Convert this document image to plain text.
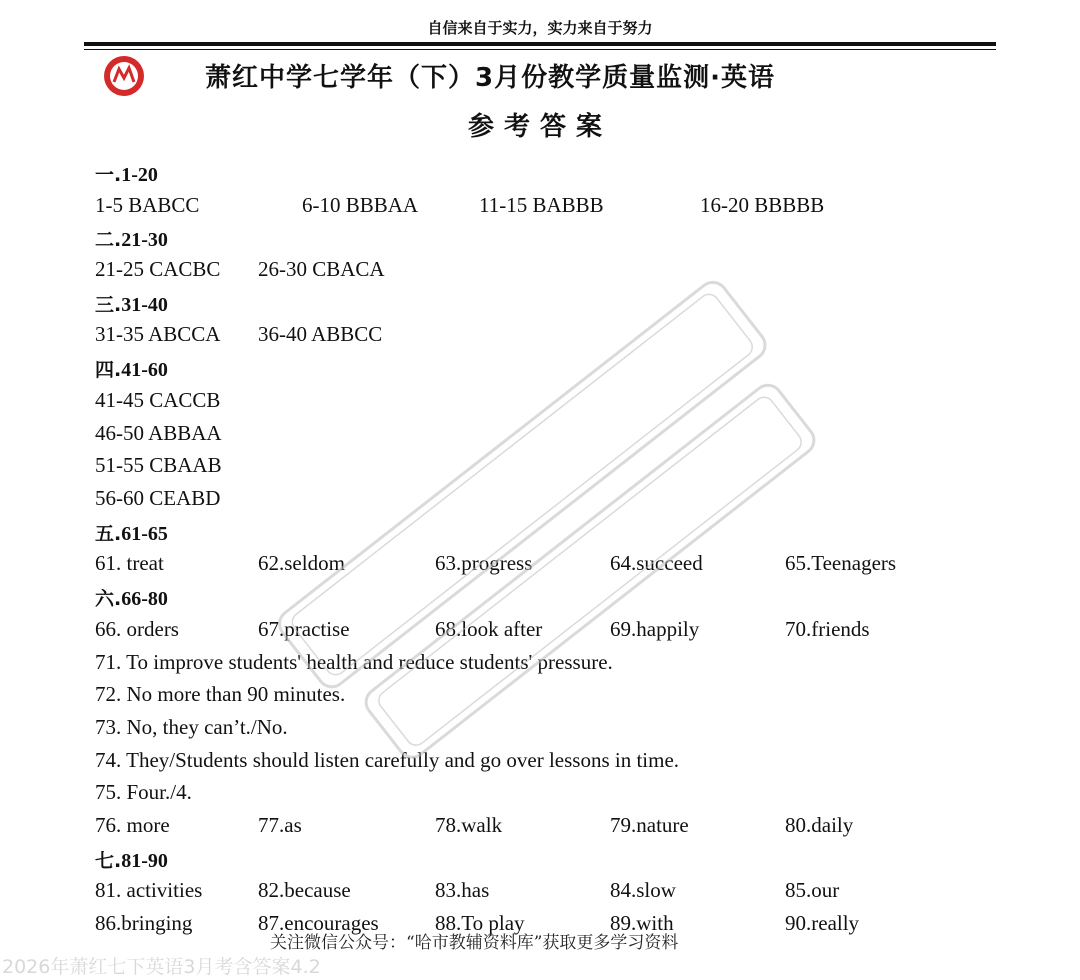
自信来自于实力，实力来自于努力
萧红中学七学年（下）3月份教学质量监测·英语
参考答案
一.1-20
1-5 BABCC	6-10 BBBAA	11-15 BABBB	16-20 BBBBB
二.21-30
21-25 CACBC 26-30 CBACA
三.31-40
31-35 ABCCA 36-40 ABBCC
四.41-60
41-45 CACCB
46-50 ABBAA
51-55 CBAAB
56-60 CEABD
五.61-65
61. treat	62.seldom	63.progress	64.succeed	65.Teenagers
六.66-80
66. orders	67.practise	68.look after	69.happily	70.friends
71. To improve students' health and reduce students' pressure.
72. No more than 90 minutes.
73. No, they can’t./No.
74. They/Students should listen carefully and go over lessons in time.
75. Four./4.
76. more	77.as	78.walk	79.nature	80.daily
七.81-90
81. activities	82.because	83.has	84.slow	85.our
86.bringing	87.encourages	88.To play	89.with	90.really
关注微信公众号：“哈市教辅资料库”获取更多学习资料
2026年萧红七下英语3月考含答案4.2
